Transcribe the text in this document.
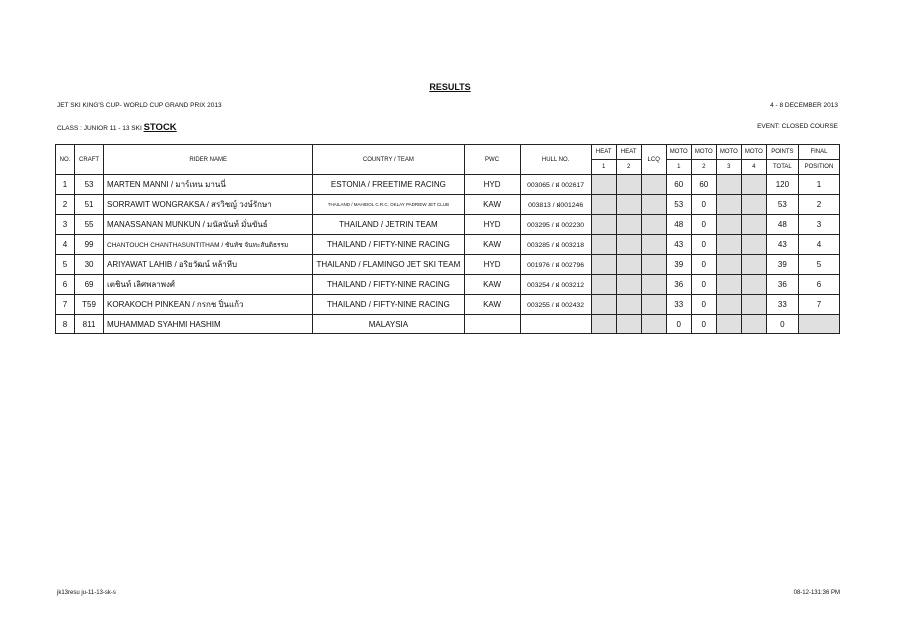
RESULTS
JET SKI KING'S CUP- WORLD CUP GRAND PRIX 2013	4 - 8 DECEMBER 2013
CLASS : JUNIOR 11 - 13 SKI STOCK	EVENT: CLOSED COURSE
NO.	CRAFT	RIDER NAME	COUNTRY / TEAM	PWC	HULL NO.	HEAT	HEAT	LCQ	MOTO	MOTO	MOTO	MOTO	POINTS	FINAL
						1	2		1	2	3	4	TOTAL	POSITION
1	53	MARTEN MANNI / มาร์เทน มานนี่	ESTONIA / FREETIME RACING	HYD	003065 / ฝ 002617				60	60			120	1
2	51	SORRAWIT WONGRAKSA / สรวิชญ์ วงษ์รักษา	THAILAND / MAHIDOL C.R.C. OKLAY PADRIEW JET CLUB	KAW	003813 / ฝ001246				53	0			53	2
3	55	MANASSANAN MUNKUN / มนัสนันท์ มั่นขันธ์	THAILAND / JETRIN TEAM	HYD	003295 / ฝ 002230				48	0			48	3
4	99	CHANTOUCH CHANTHASUNTITHAM / ชันทัช จันทะสันติธรรม	THAILAND / FIFTY-NINE RACING	KAW	003285 / ฝ 003218				43	0			43	4
5	30	ARIYAWAT LAHIB / อริยวัฒน์ หล้าหีบ	THAILAND / FLAMINGO JET SKI TEAM	HYD	001976 / ฝ 002796				39	0			39	5
6	69	เตชินท์ เลิศพลาพงศ์	THAILAND / FIFTY-NINE RACING	KAW	003254 / ฝ 003212				36	0			36	6
7	T59	KORAKOCH PINKEAN / กรกช ปิ่นแก้ว	THAILAND / FIFTY-NINE RACING	KAW	003255 / ฝ 002432				33	0			33	7
8	811	MUHAMMAD SYAHMI HASHIM	MALAYSIA						0	0			0	
jk13resu ju-11-13-sk-s	08-12-131:36 PM
